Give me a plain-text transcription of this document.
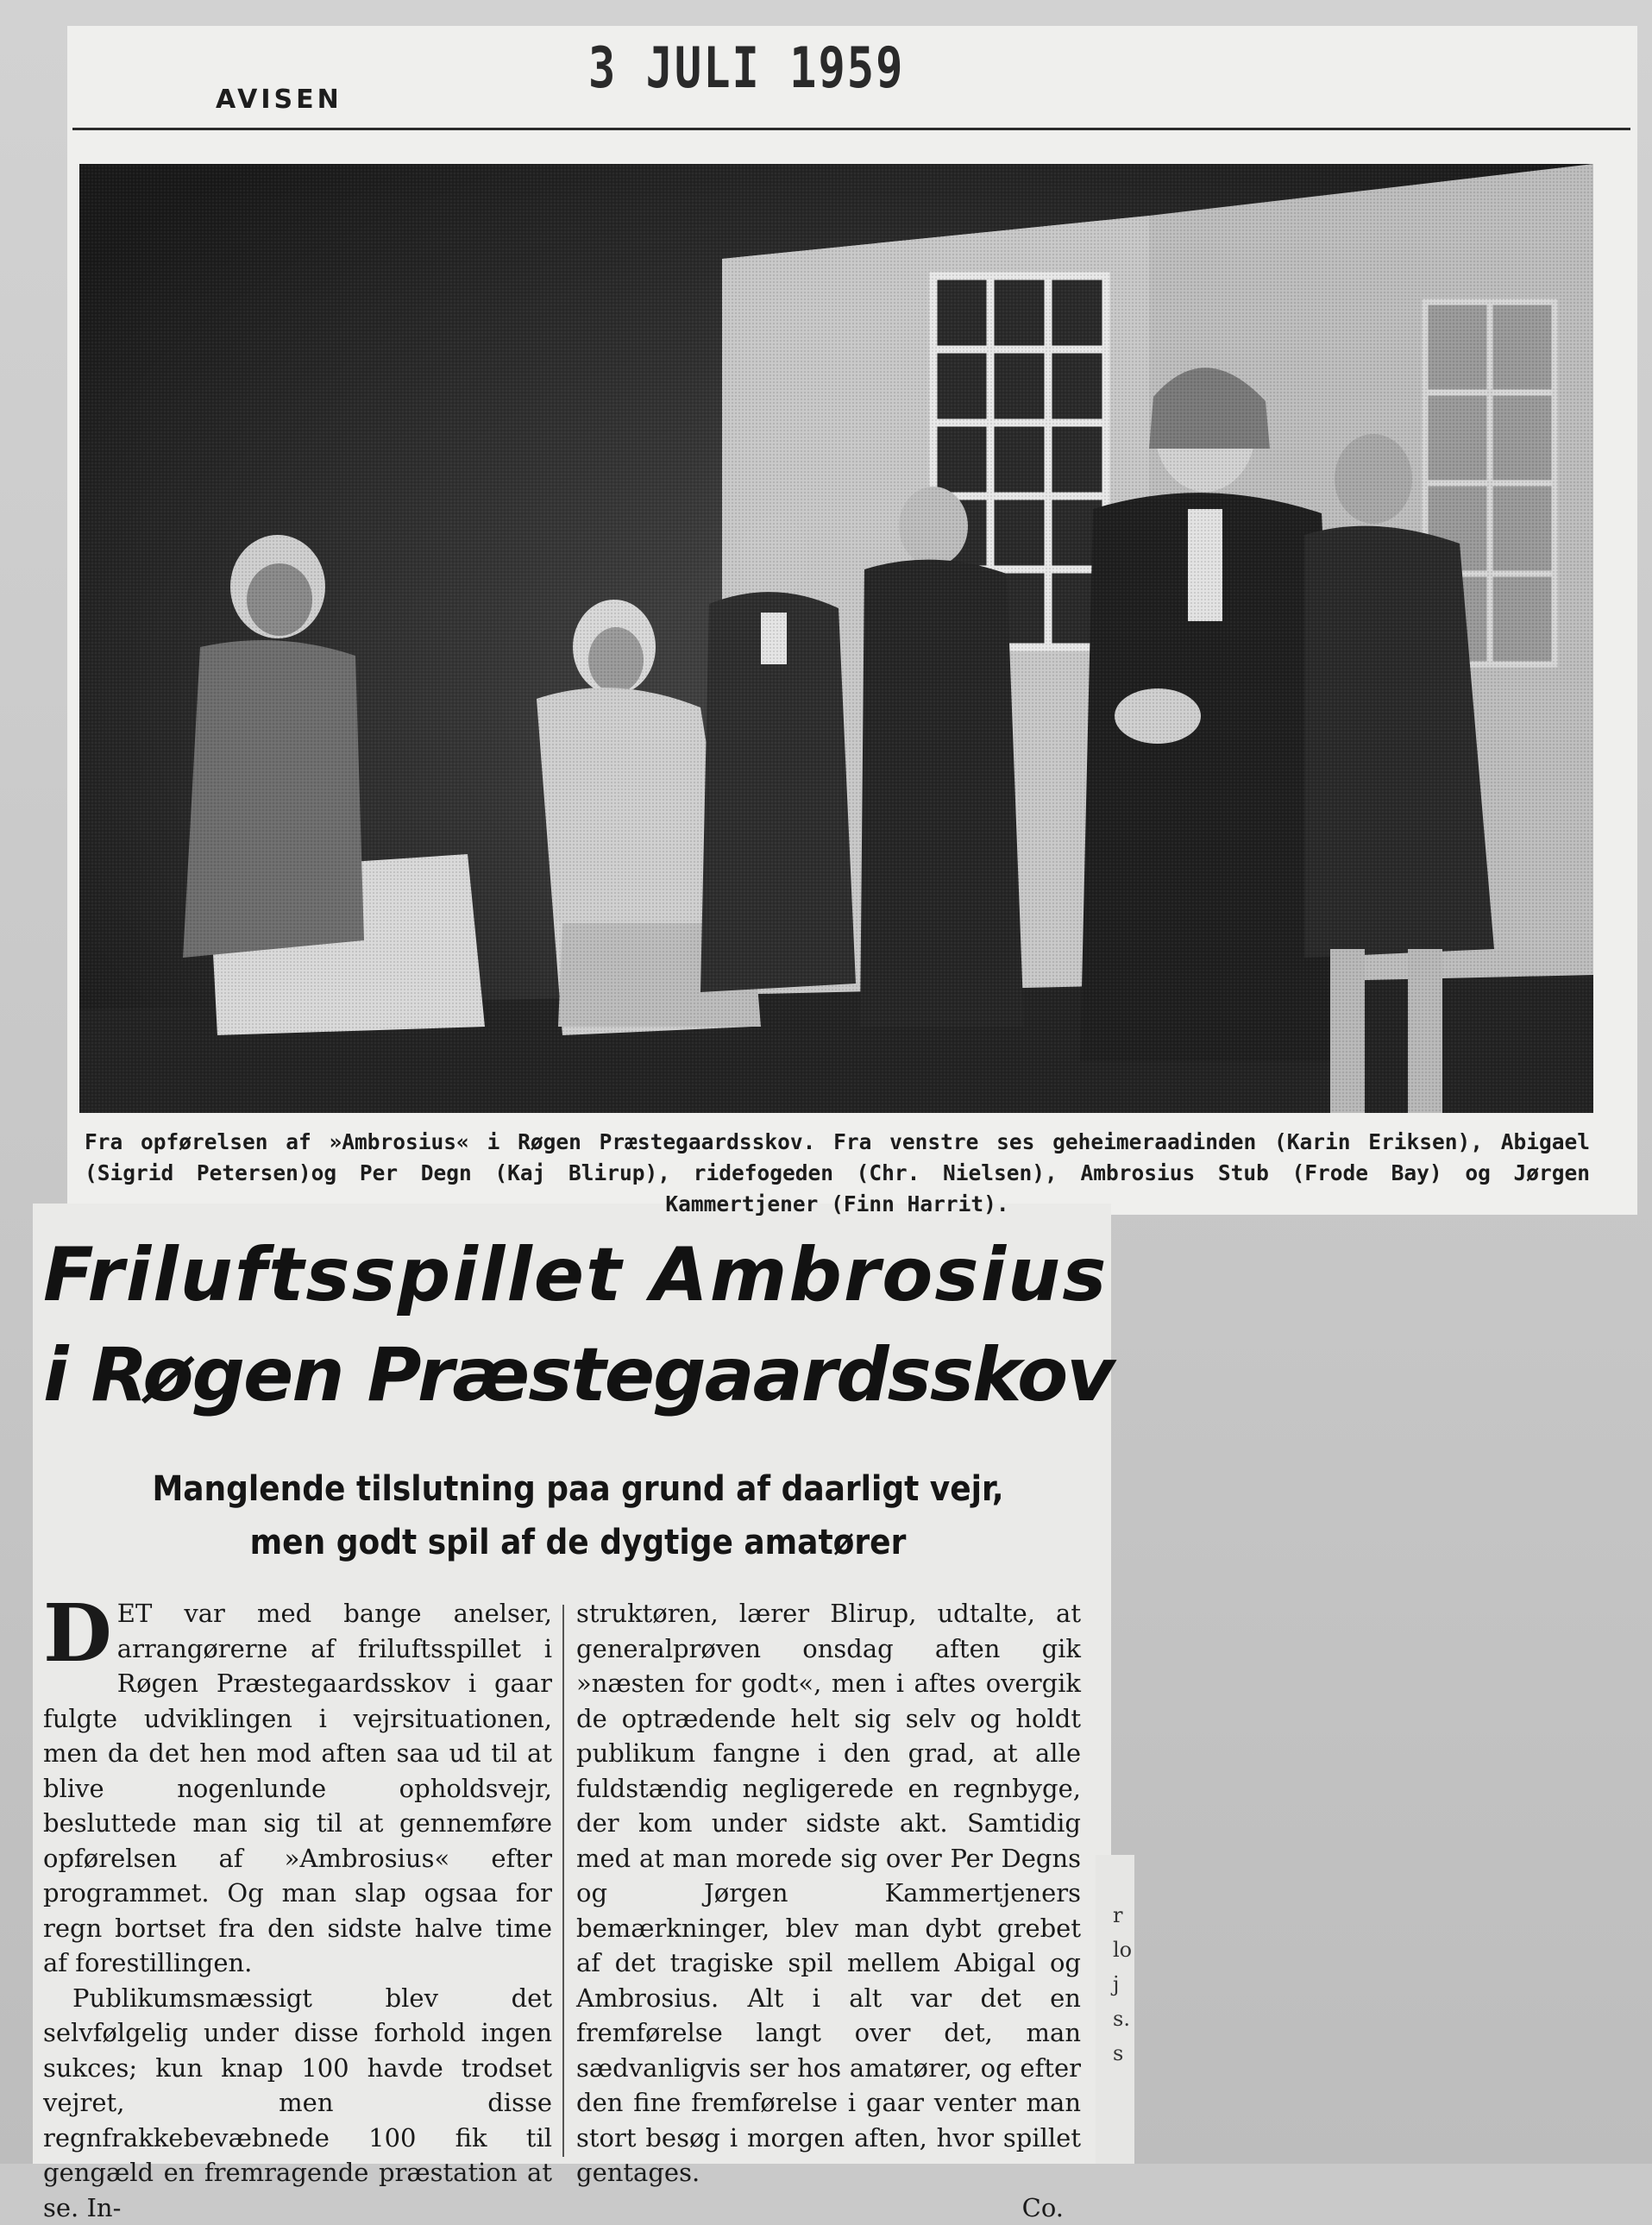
3 JULI 1959
AVISEN
Fra opførelsen af »Ambrosius« i Røgen Præstegaardsskov. Fra venstre ses geheimeraadinden (Karin Eriksen), Abigael (Sigrid Petersen)og Per Degn (Kaj Blirup), ridefogeden (Chr. Nielsen), Ambrosius Stub (Frode Bay) og Jørgen Kammertjener (Finn Harrit).
Friluftsspillet Ambrosius
i Røgen Præstegaardsskov
Manglende tilslutning paa grund af daarligt vejr,
men godt spil af de dygtige amatører

DET var med bange anelser, arrangørerne af friluftsspillet i Røgen Præstegaardsskov i gaar fulgte udviklingen i vejrsituationen, men da det hen mod aften saa ud til at blive nogenlunde opholdsvejr, besluttede man sig til at gennemføre opførelsen af »Ambrosius« efter programmet. Og man slap ogsaa for regn bortset fra den sidste halve time af forestillingen.

Publikumsmæssigt blev det selvfølgelig under disse forhold ingen sukces; kun knap 100 havde trodset vejret, men disse regnfrakkebevæbnede 100 fik til gengæld en fremragende præstation at se. In-

struktøren, lærer Blirup, udtalte, at generalprøven onsdag aften gik »næsten for godt«, men i aftes overgik de optrædende helt sig selv og holdt publikum fangne i den grad, at alle fuldstændig negligerede en regnbyge, der kom under sidste akt. Samtidig med at man morede sig over Per Degns og Jørgen Kammertjeners bemærkninger, blev man dybt grebet af det tragiske spil mellem Abigal og Ambrosius. Alt i alt var det en fremførelse langt over det, man sædvanligvis ser hos amatører, og efter den fine fremførelse i gaar venter man stort besøg i morgen aften, hvor spillet gentages.

Co.
r
lo
j
s.
s
